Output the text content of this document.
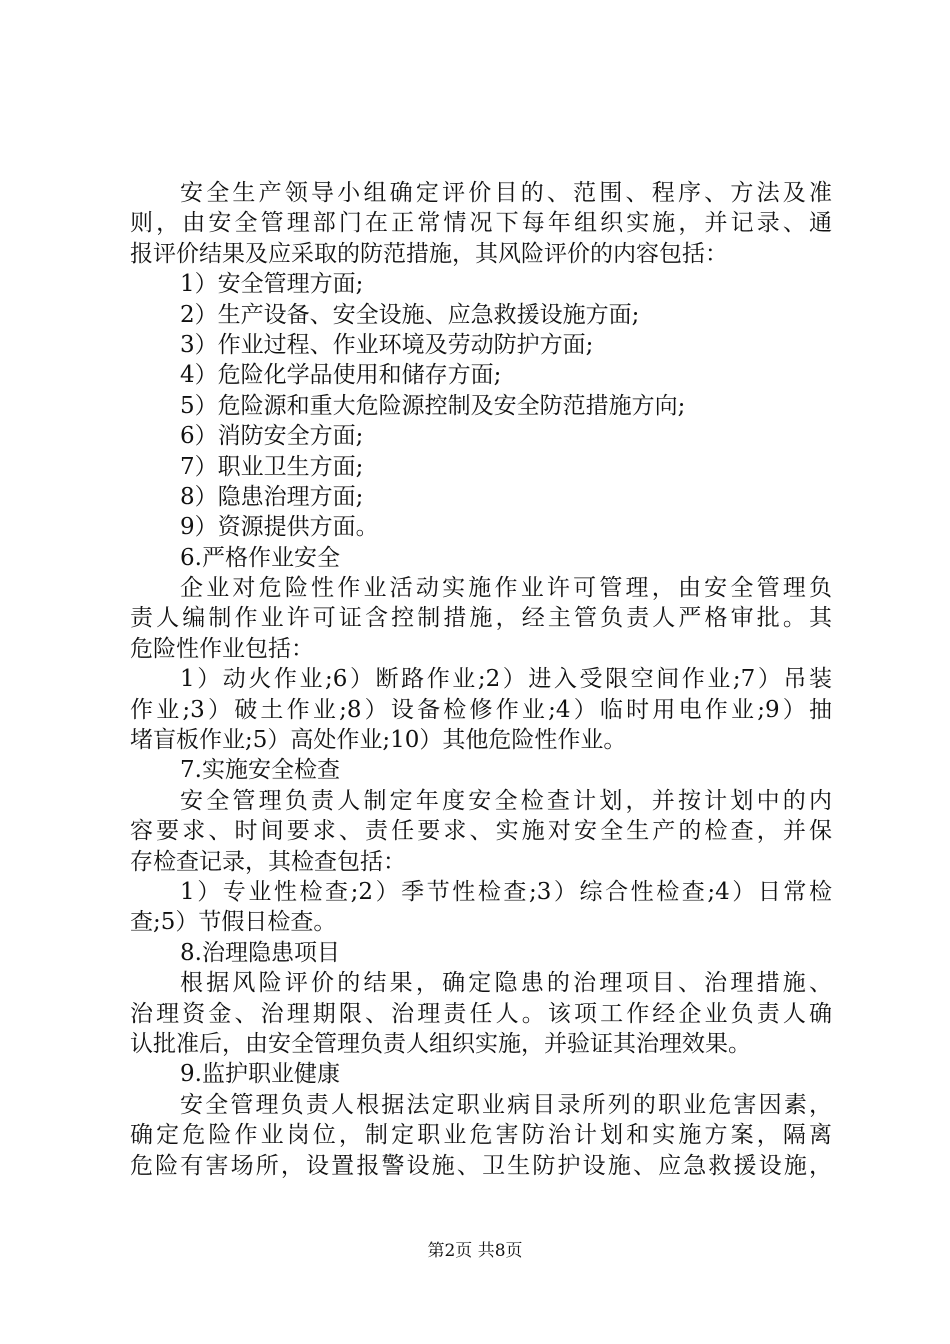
安全生产领导小组确定评价目的、范围、程序、方法及准
则，由安全管理部门在正常情况下每年组织实施，并记录、通
报评价结果及应采取的防范措施，其风险评价的内容包括：
1）安全管理方面;
2）生产设备、安全设施、应急救援设施方面;
3）作业过程、作业环境及劳动防护方面;
4）危险化学品使用和储存方面;
5）危险源和重大危险源控制及安全防范措施方向;
6）消防安全方面;
7）职业卫生方面;
8）隐患治理方面;
9）资源提供方面。
6.严格作业安全
企业对危险性作业活动实施作业许可管理，由安全管理负
责人编制作业许可证含控制措施，经主管负责人严格审批。其
危险性作业包括：
1）动火作业;6）断路作业;2）进入受限空间作业;7）吊装
作业;3）破土作业;8）设备检修作业;4）临时用电作业;9）抽
堵盲板作业;5）高处作业;10）其他危险性作业。
7.实施安全检查
安全管理负责人制定年度安全检查计划，并按计划中的内
容要求、时间要求、责任要求、实施对安全生产的检查，并保
存检查记录，其检查包括：
1）专业性检查;2）季节性检查;3）综合性检查;4）日常检
查;5）节假日检查。
8.治理隐患项目
根据风险评价的结果，确定隐患的治理项目、治理措施、
治理资金、治理期限、治理责任人。该项工作经企业负责人确
认批准后，由安全管理负责人组织实施，并验证其治理效果。
9.监护职业健康
安全管理负责人根据法定职业病目录所列的职业危害因素，
确定危险作业岗位，制定职业危害防治计划和实施方案，隔离
危险有害场所，设置报警设施、卫生防护设施、应急救援设施，
第2页 共8页
